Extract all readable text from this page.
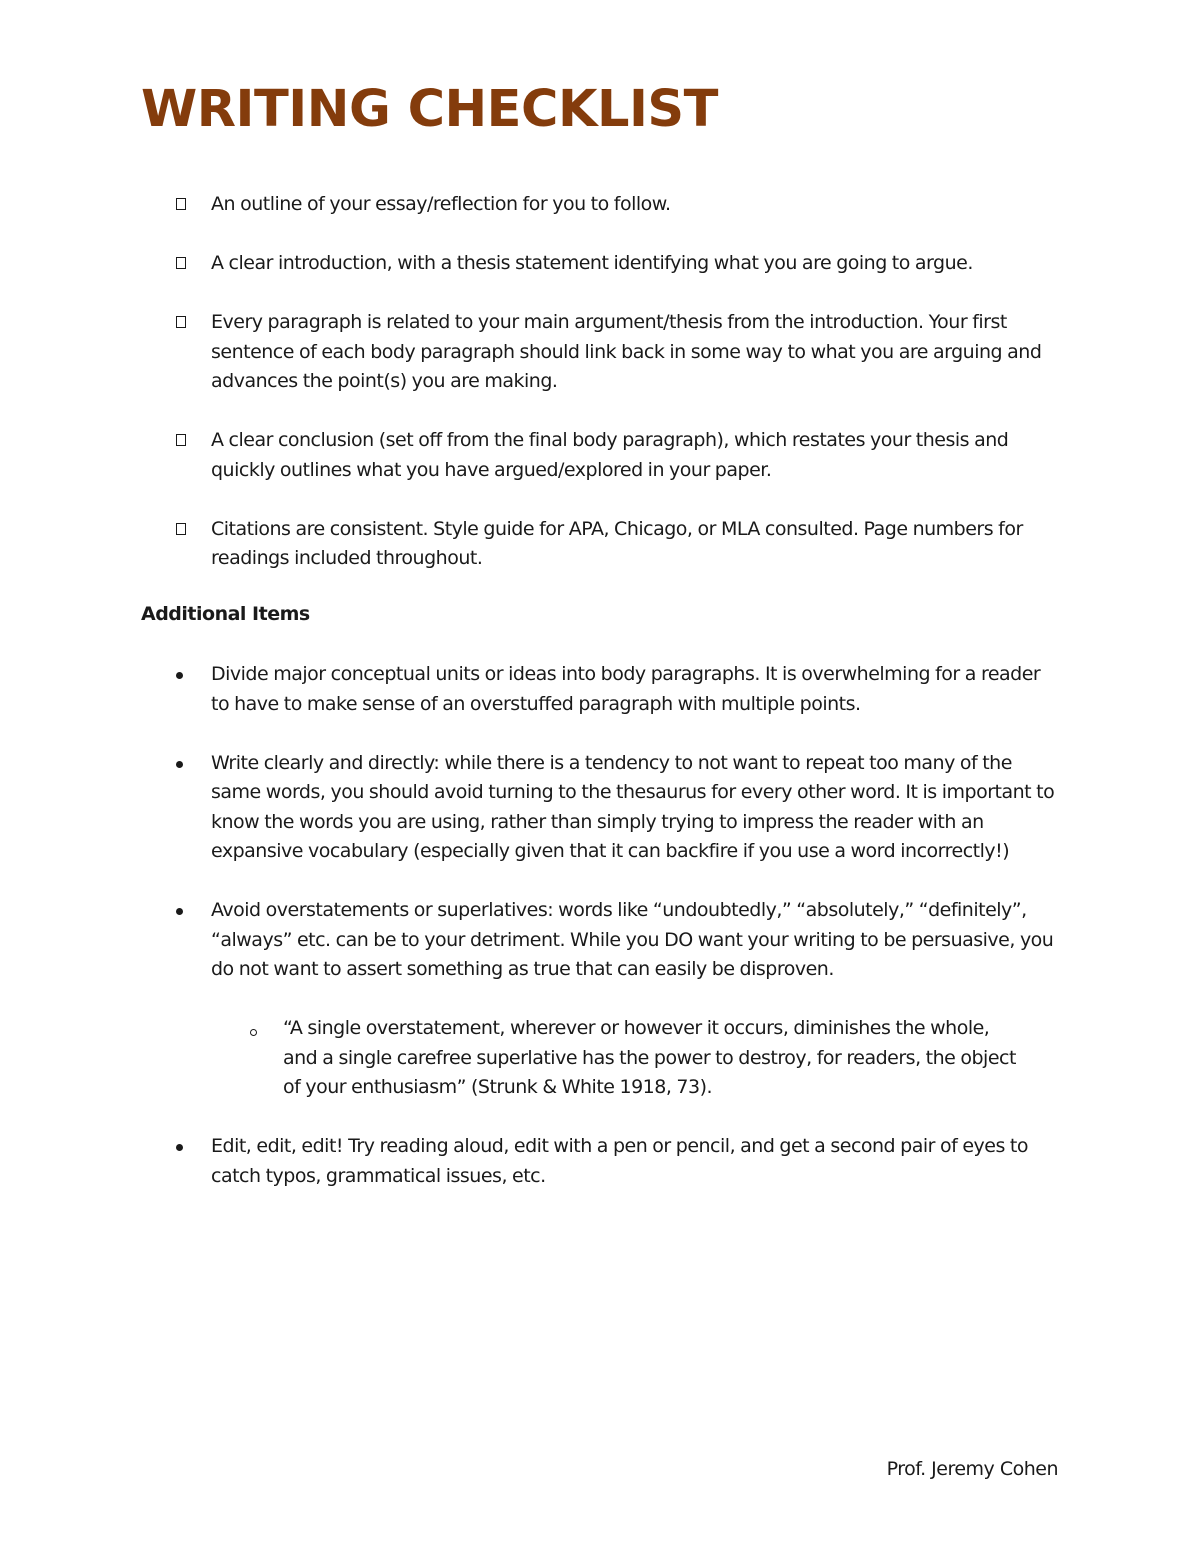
WRITING CHECKLIST
An outline of your essay/reflection for you to follow.
A clear introduction, with a thesis statement identifying what you are going to argue.
Every paragraph is related to your main argument/thesis from the introduction. Your first sentence of each body paragraph should link back in some way to what you are arguing and advances the point(s) you are making.
A clear conclusion (set off from the final body paragraph), which restates your thesis and quickly outlines what you have argued/explored in your paper.
Citations are consistent. Style guide for APA, Chicago, or MLA consulted. Page numbers for readings included throughout.
Additional Items
Divide major conceptual units or ideas into body paragraphs. It is overwhelming for a reader to have to make sense of an overstuffed paragraph with multiple points.
Write clearly and directly: while there is a tendency to not want to repeat too many of the same words, you should avoid turning to the thesaurus for every other word. It is important to know the words you are using, rather than simply trying to impress the reader with an expansive vocabulary (especially given that it can backfire if you use a word incorrectly!)
Avoid overstatements or superlatives: words like “undoubtedly,” “absolutely,” “definitely”, “always” etc. can be to your detriment. While you DO want your writing to be persuasive, you do not want to assert something as true that can easily be disproven.
“A single overstatement, wherever or however it occurs, diminishes the whole, and a single carefree superlative has the power to destroy, for readers, the object of your enthusiasm” (Strunk & White 1918, 73).
Edit, edit, edit! Try reading aloud, edit with a pen or pencil, and get a second pair of eyes to catch typos, grammatical issues, etc.
Prof. Jeremy Cohen
